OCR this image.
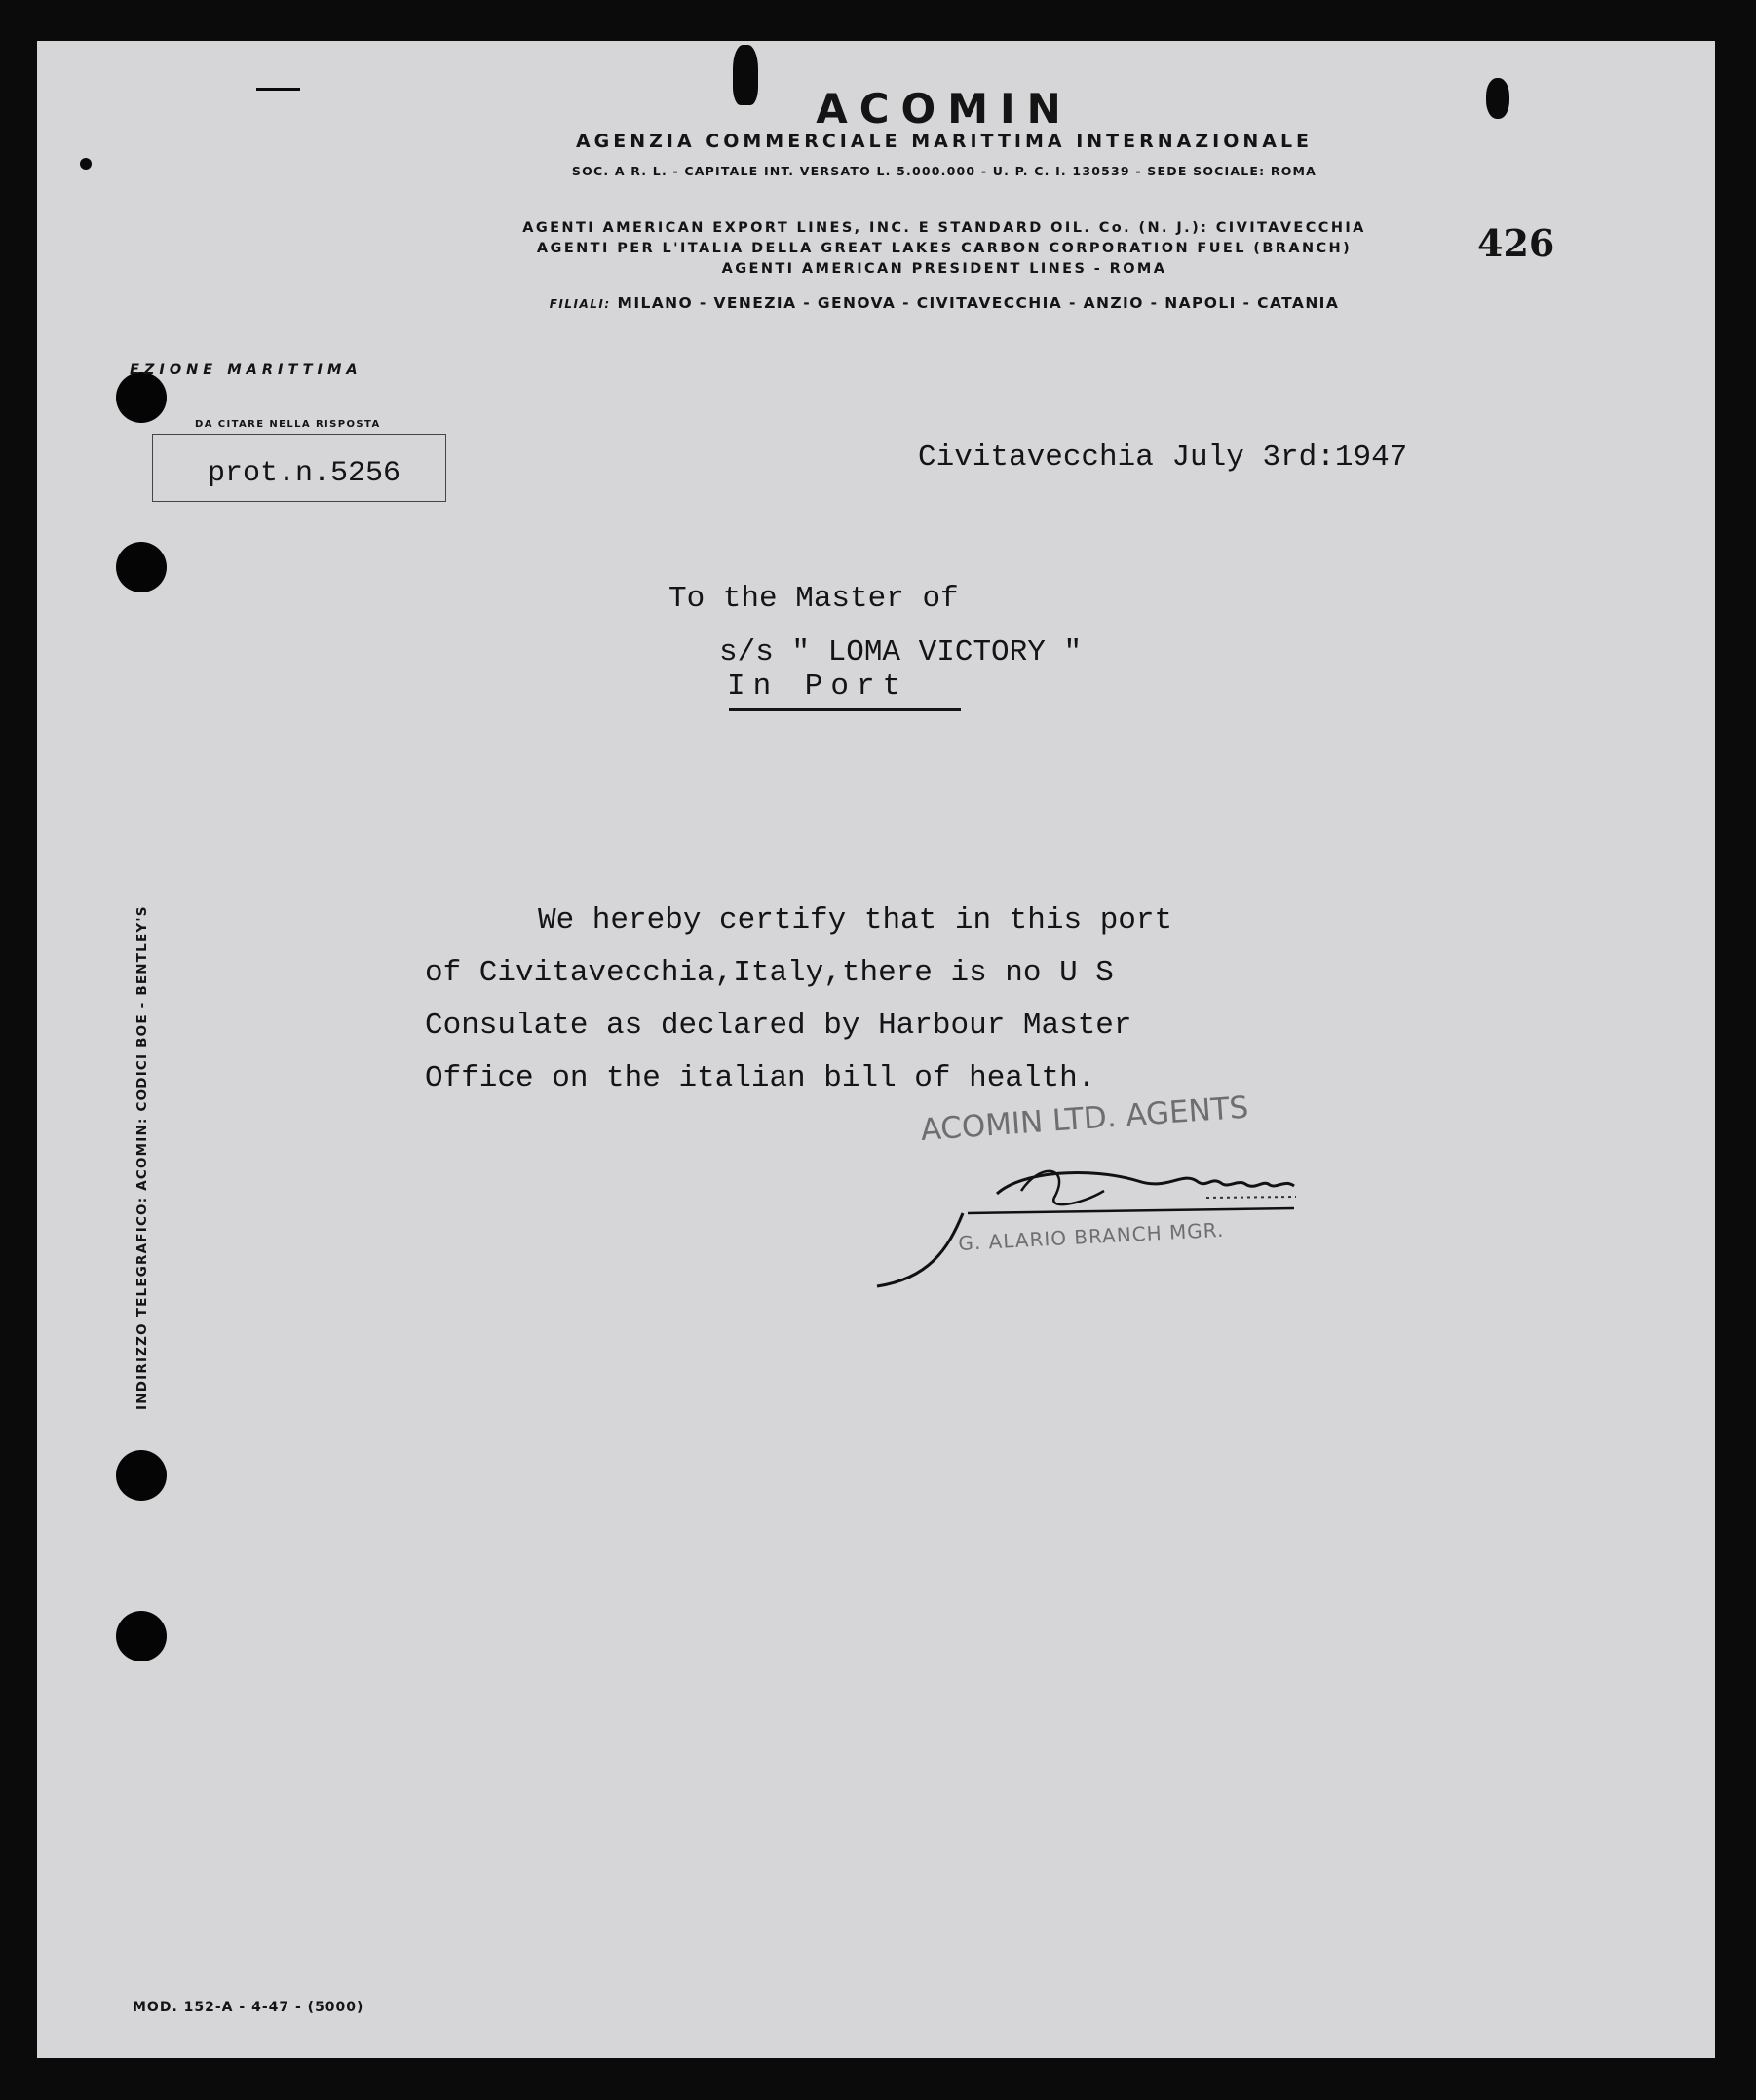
ACOMIN
AGENZIA COMMERCIALE MARITTIMA INTERNAZIONALE
SOC. A R. L. - CAPITALE INT. VERSATO L. 5.000.000 - U. P. C. I. 130539 - SEDE SOCIALE: ROMA
AGENTI AMERICAN EXPORT LINES, INC. E STANDARD OIL. Co. (N. J.): CIVITAVECCHIA
AGENTI PER L'ITALIA DELLA GREAT LAKES CARBON CORPORATION FUEL (BRANCH)
AGENTI AMERICAN PRESIDENT LINES - ROMA
FILIALI: MILANO - VENEZIA - GENOVA - CIVITAVECCHIA - ANZIO - NAPOLI - CATANIA
426
EZIONE MARITTIMA
DA CITARE NELLA RISPOSTA
prot.n.5256	Civitavecchia July 3rd:1947
To the Master of
s/s " LOMA VICTORY "
In Port
We hereby certify that in this port
of Civitavecchia,Italy,there is no U S
Consulate as declared by Harbour Master
Office on the italian bill of health.
ACOMIN LTD. AGENTS
G. ALARIO BRANCH MGR.
INDIRIZZO TELEGRAFICO: ACOMIN: CODICI BOE - BENTLEY'S
MOD. 152-A - 4-47 - (5000)
